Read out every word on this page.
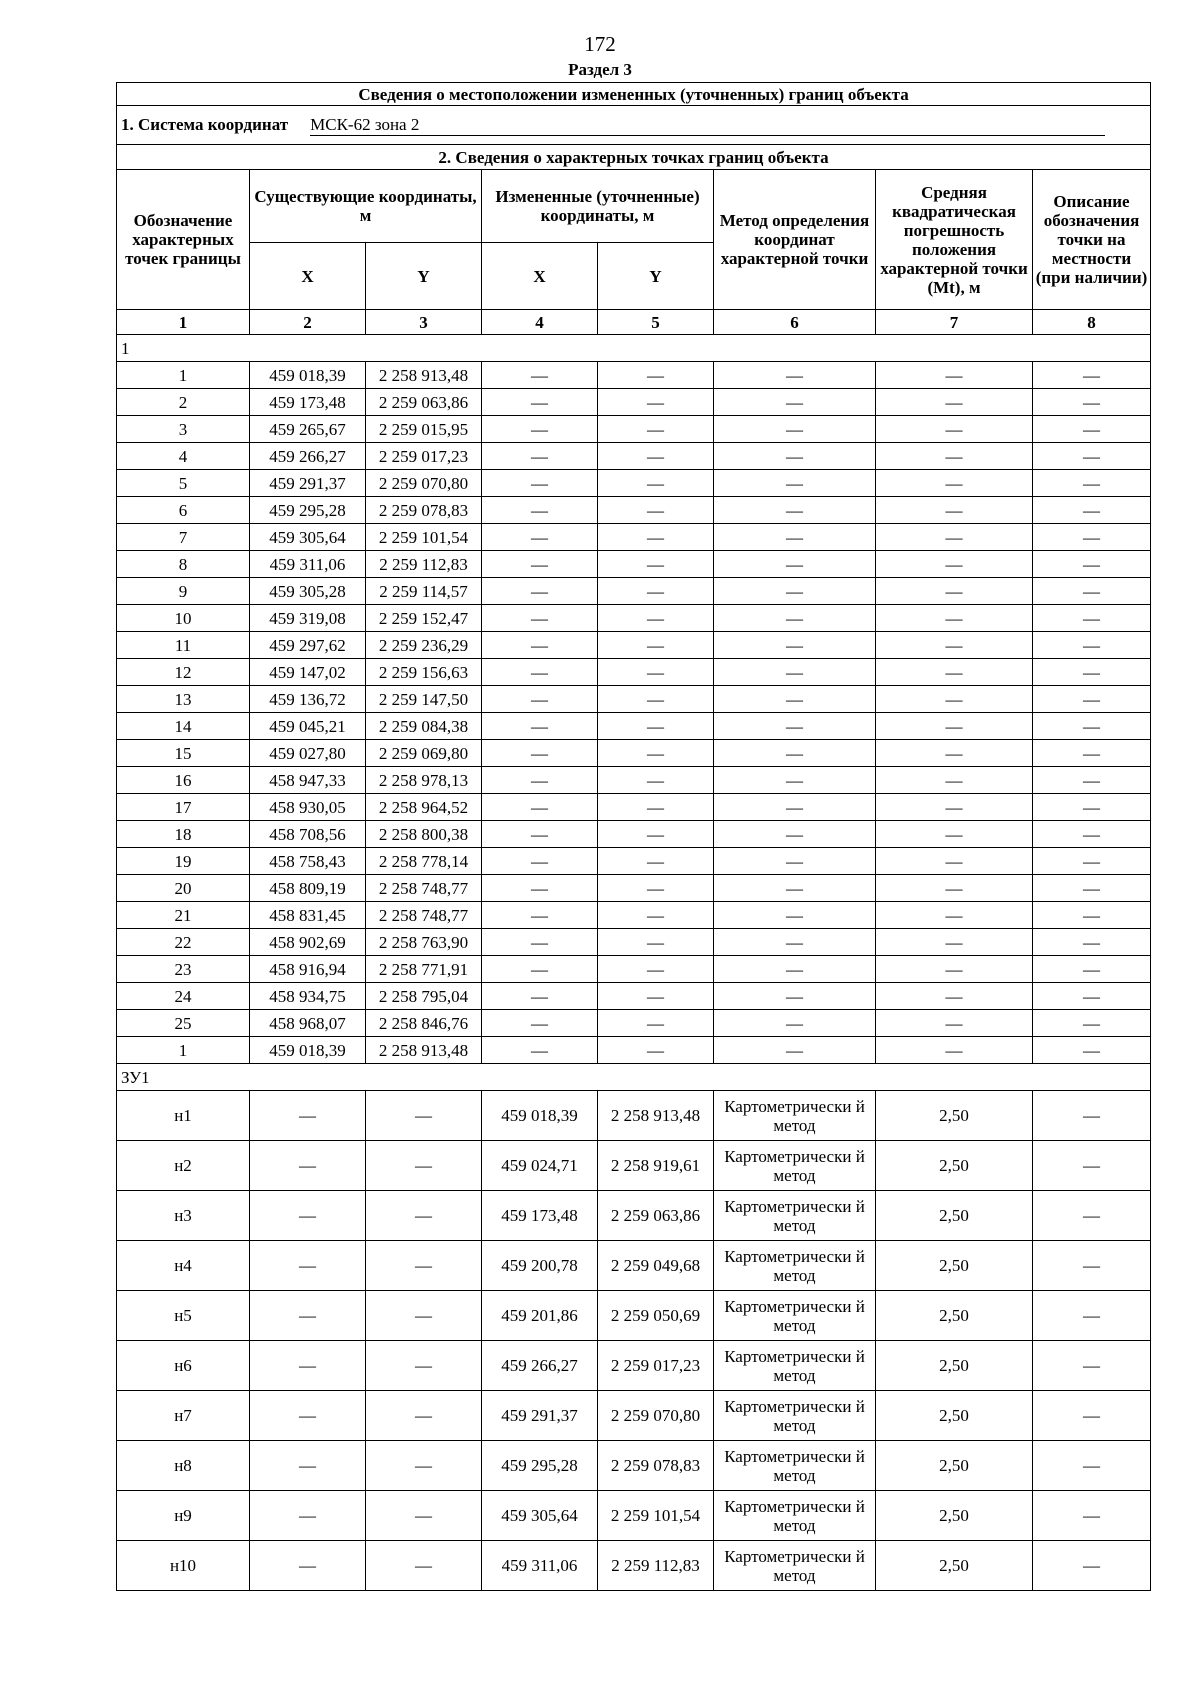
172
Раздел 3
Сведения о местоположении измененных (уточненных) границ объекта							
1. Система координат МСК-62 зона 2							
2. Сведения о характерных точках границ объекта							
Обозначение характерных точек границы	Существующие координаты, м		Измененные (уточненные) координаты, м		Метод определения координат характерной точки	Средняя квадратическая погрешность положения характерной точки (Mt), м	Описание обозначения точки на местности (при наличии)
	X	Y	X	Y			
1	2	3	4	5	6	7	8
1							
1	459 018,39	2 258 913,48	—	—	—	—	—
2	459 173,48	2 259 063,86	—	—	—	—	—
3	459 265,67	2 259 015,95	—	—	—	—	—
4	459 266,27	2 259 017,23	—	—	—	—	—
5	459 291,37	2 259 070,80	—	—	—	—	—
6	459 295,28	2 259 078,83	—	—	—	—	—
7	459 305,64	2 259 101,54	—	—	—	—	—
8	459 311,06	2 259 112,83	—	—	—	—	—
9	459 305,28	2 259 114,57	—	—	—	—	—
10	459 319,08	2 259 152,47	—	—	—	—	—
11	459 297,62	2 259 236,29	—	—	—	—	—
12	459 147,02	2 259 156,63	—	—	—	—	—
13	459 136,72	2 259 147,50	—	—	—	—	—
14	459 045,21	2 259 084,38	—	—	—	—	—
15	459 027,80	2 259 069,80	—	—	—	—	—
16	458 947,33	2 258 978,13	—	—	—	—	—
17	458 930,05	2 258 964,52	—	—	—	—	—
18	458 708,56	2 258 800,38	—	—	—	—	—
19	458 758,43	2 258 778,14	—	—	—	—	—
20	458 809,19	2 258 748,77	—	—	—	—	—
21	458 831,45	2 258 748,77	—	—	—	—	—
22	458 902,69	2 258 763,90	—	—	—	—	—
23	458 916,94	2 258 771,91	—	—	—	—	—
24	458 934,75	2 258 795,04	—	—	—	—	—
25	458 968,07	2 258 846,76	—	—	—	—	—
1	459 018,39	2 258 913,48	—	—	—	—	—
ЗУ1							
н1	—	—	459 018,39	2 258 913,48	Картометрически й метод	2,50	—
н2	—	—	459 024,71	2 258 919,61	Картометрически й метод	2,50	—
н3	—	—	459 173,48	2 259 063,86	Картометрически й метод	2,50	—
н4	—	—	459 200,78	2 259 049,68	Картометрически й метод	2,50	—
н5	—	—	459 201,86	2 259 050,69	Картометрически й метод	2,50	—
н6	—	—	459 266,27	2 259 017,23	Картометрически й метод	2,50	—
н7	—	—	459 291,37	2 259 070,80	Картометрически й метод	2,50	—
н8	—	—	459 295,28	2 259 078,83	Картометрически й метод	2,50	—
н9	—	—	459 305,64	2 259 101,54	Картометрически й метод	2,50	—
н10	—	—	459 311,06	2 259 112,83	Картометрически й метод	2,50	—
